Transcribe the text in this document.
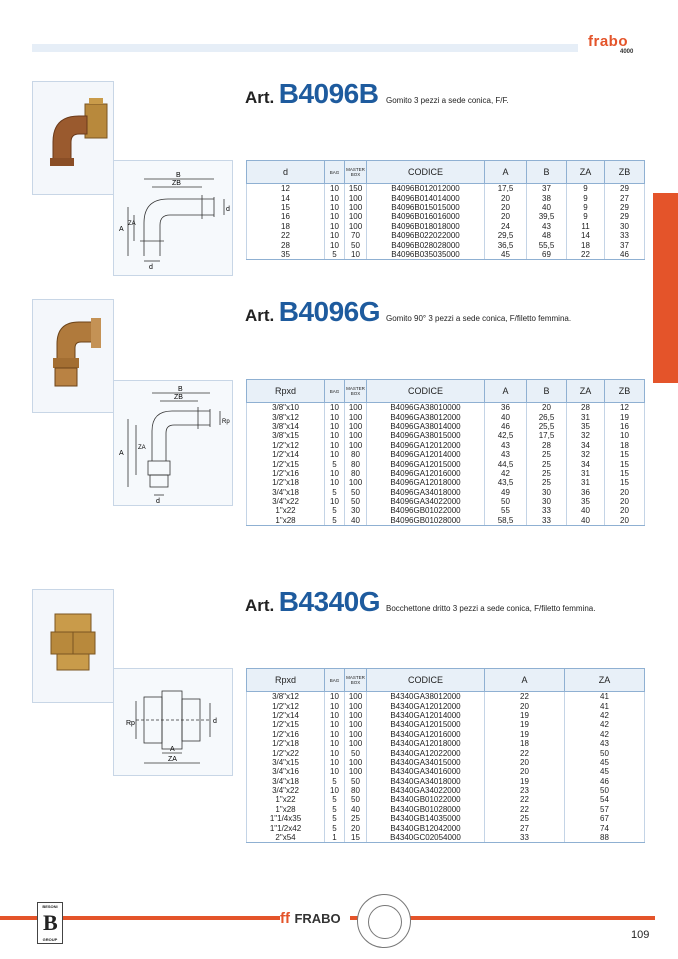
frabo
4000
B
ZB
A
ZA
d
d
Art. B4096B Gomito 3 pezzi a sede conica, F/F.
d	BAG	MASTER BOX	CODICE	A	B	ZA	ZB
12	10	150	B4096B012012000	17,5	37	9	29
14	10	100	B4096B014014000	20	38	9	27
15	10	100	B4096B015015000	20	40	9	29
16	10	100	B4096B016016000	20	39,5	9	29
18	10	100	B4096B018018000	24	43	11	30
22	10	70	B4096B022022000	29,5	48	14	33
28	10	50	B4096B028028000	36,5	55,5	18	37
35	5	10	B4096B035035000	45	69	22	46
B
ZB
A
ZA
d
Rp
Art. B4096G Gomito 90° 3 pezzi a sede conica, F/filetto femmina.
Rpxd	BAG	MASTER BOX	CODICE	A	B	ZA	ZB
3/8"x10	10	100	B4096GA38010000	36	20	28	12
3/8"x12	10	100	B4096GA38012000	40	26,5	31	19
3/8"x14	10	100	B4096GA38014000	46	25,5	35	16
3/8"x15	10	100	B4096GA38015000	42,5	17,5	32	10
1/2"x12	10	100	B4096GA12012000	43	28	34	18
1/2"x14	10	80	B4096GA12014000	43	25	32	15
1/2"x15	5	80	B4096GA12015000	44,5	25	34	15
1/2"x16	10	80	B4096GA12016000	42	25	31	15
1/2"x18	10	100	B4096GA12018000	43,5	25	31	15
3/4"x18	5	50	B4096GA34018000	49	30	36	20
3/4"x22	10	50	B4096GA34022000	50	30	35	20
1"x22	5	30	B4096GB01022000	55	33	40	20
1"x28	5	40	B4096GB01028000	58,5	33	40	20
Rp	d
A
ZA
Art. B4340G Bocchettone dritto 3 pezzi a sede conica, F/filetto femmina.
Rpxd	BAG	MASTER BOX	CODICE	A	ZA
3/8"x12	10	100	B4340GA38012000	22	41
1/2"x12	10	100	B4340GA12012000	20	41
1/2"x14	10	100	B4340GA12014000	19	42
1/2"x15	10	100	B4340GA12015000	19	42
1/2"x16	10	100	B4340GA12016000	19	42
1/2"x18	10	100	B4340GA12018000	18	43
1/2"x22	10	50	B4340GA12022000	22	50
3/4"x15	10	100	B4340GA34015000	20	45
3/4"x16	10	100	B4340GA34016000	20	45
3/4"x18	5	50	B4340GA34018000	19	46
3/4"x22	10	80	B4340GA34022000	23	50
1"x22	5	50	B4340GB01022000	22	54
1"x28	5	40	B4340GB01028000	22	57
1"1/4x35	5	25	B4340GB14035000	25	67
1"1/2x42	5	20	B4340GB12042000	27	74
2"x54	1	15	B4340GC02054000	33	88
BESONI
B
GROUP
ff FRABO
109
